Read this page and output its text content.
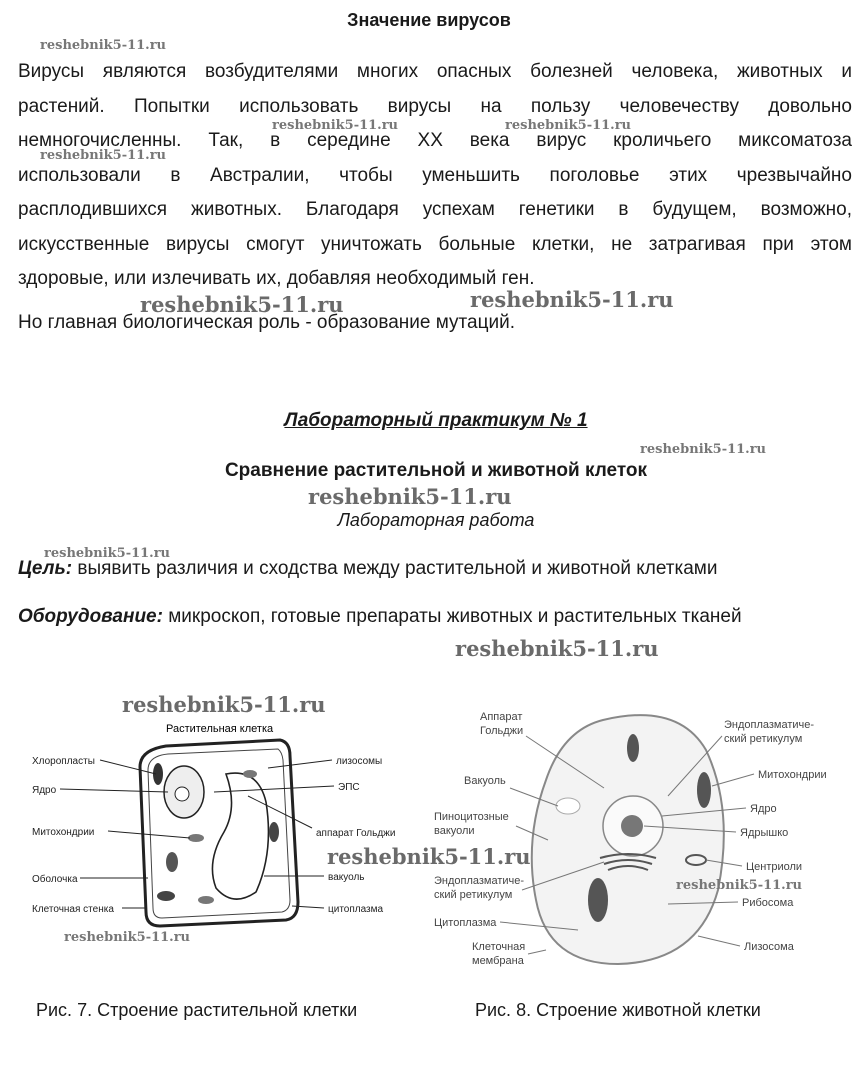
Значение вирусов
Вирусы являются возбудителями многих опасных болезней человека, животных и
растений. Попытки использовать вирусы на пользу человечеству довольно
немногочисленны. Так, в середине XX века вирус кроличьего миксоматоза
использовали в Австралии, чтобы уменьшить поголовье этих чрезвычайно
расплодившихся животных. Благодаря успехам генетики в будущем, возможно,
искусственные вирусы смогут уничтожать больные клетки, не затрагивая при этом
здоровые, или излечивать их, добавляя необходимый ген.
Но главная биологическая роль - образование мутаций.
Лабораторный практикум № 1
Сравнение растительной и животной клеток
Лабораторная работа
Цель: выявить различия и сходства между растительной и животной клетками
Оборудование: микроскоп, готовые препараты животных и растительных тканей
Растительная клетка
Хлоропласты
Ядро
Митохондрии
Оболочка
Клеточная стенка
лизосомы
ЭПС
аппарат Гольджи
вакуоль
цитоплазма
Аппарат
Гольджи
Вакуоль
Пиноцитозные
вакуоли
Эндоплазматиче-
ский ретикулум
Цитоплазма
Клеточная
мембрана
Эндоплазматиче-
ский ретикулум
Митохондрии
Ядро
Ядрышко
Центриоли
Рибосома
Лизосома
Рис. 7. Строение растительной клетки	Рис. 8. Строение животной клетки
reshebnik5-11.ru
reshebnik5-11.ru	reshebnik5-11.ru
reshebnik5-11.ru
reshebnik5-11.ru	reshebnik5-11.ru
reshebnik5-11.ru
reshebnik5-11.ru
reshebnik5-11.ru
reshebnik5-11.ru
reshebnik5-11.ru
reshebnik5-11.ru
reshebnik5-11.ru
reshebnik5-11.ru
